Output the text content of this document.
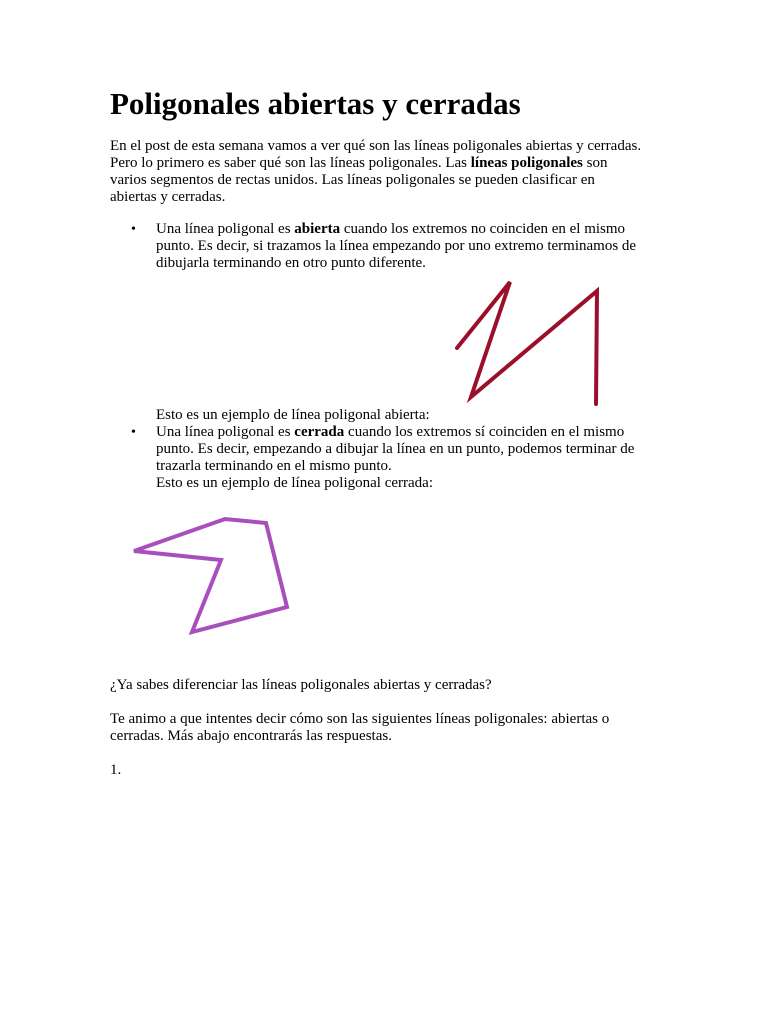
Poligonales abiertas y cerradas

En el post de esta semana vamos a ver qué son las líneas poligonales abiertas y cerradas.
Pero lo primero es saber qué son las líneas poligonales. Las líneas poligonales son
varios segmentos de rectas unidos. Las líneas poligonales se pueden clasificar en
abiertas y cerradas.

• Una línea poligonal es abierta cuando los extremos no coinciden en el mismo
punto. Es decir, si trazamos la línea empezando por uno extremo terminamos de
dibujarla terminando en otro punto diferente.

Esto es un ejemplo de línea poligonal abierta:

• Una línea poligonal es cerrada cuando los extremos sí coinciden en el mismo
punto. Es decir, empezando a dibujar la línea en un punto, podemos terminar de
trazarla terminando en el mismo punto.
Esto es un ejemplo de línea poligonal cerrada:

¿Ya sabes diferenciar las líneas poligonales abiertas y cerradas?

Te animo a que intentes decir cómo son las siguientes líneas poligonales: abiertas o
cerradas. Más abajo encontrarás las respuestas.

1.
